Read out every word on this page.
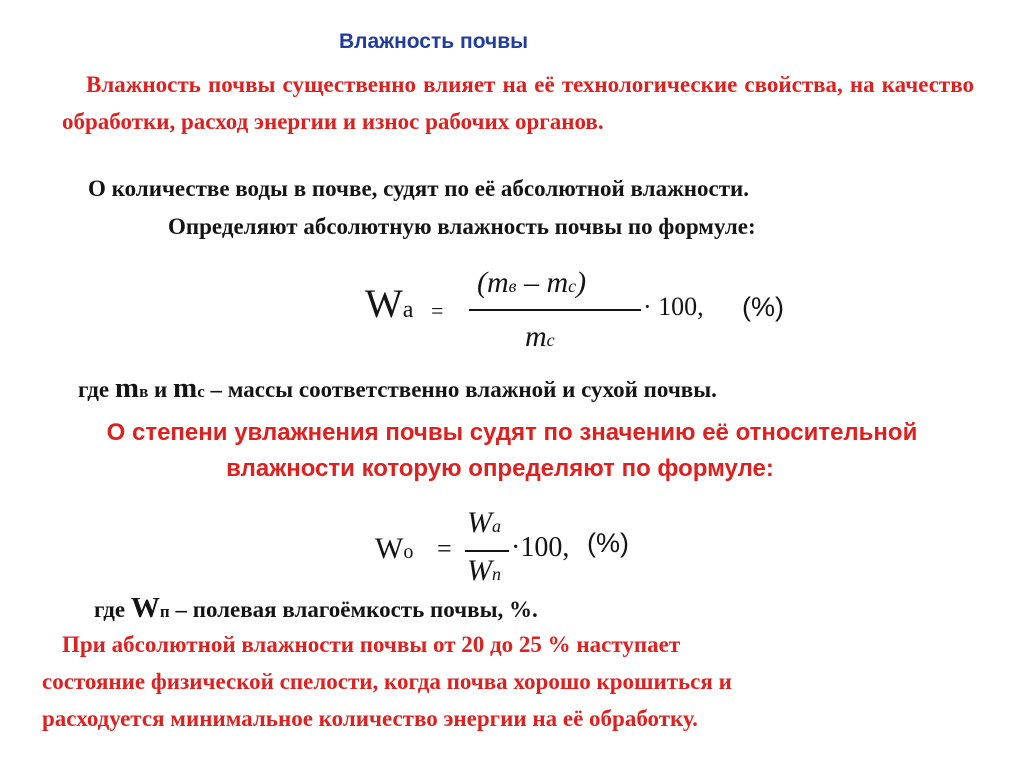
Влажность почвы
Влажность почвы существенно влияет на её технологические свойства, на качество обработки, расход энергии и износ рабочих органов.
О количестве воды в почве, судят по её абсолютной влажности.
Определяют абсолютную влажность почвы по формуле:
Wa =
(mв – mс)
mс
· 100, (%)
где mв и mс – массы соответственно влажной и сухой почвы.
О степени увлажнения почвы судят по значению её относительной
влажности которую определяют по формуле:
Wо =
Wa
Wn
·100, (%)
где Wп – полевая влагоёмкость почвы, %.
При абсолютной влажности почвы от 20 до 25 % наступает
состояние физической спелости, когда почва хорошо крошиться и
расходуется минимальное количество энергии на её обработку.
